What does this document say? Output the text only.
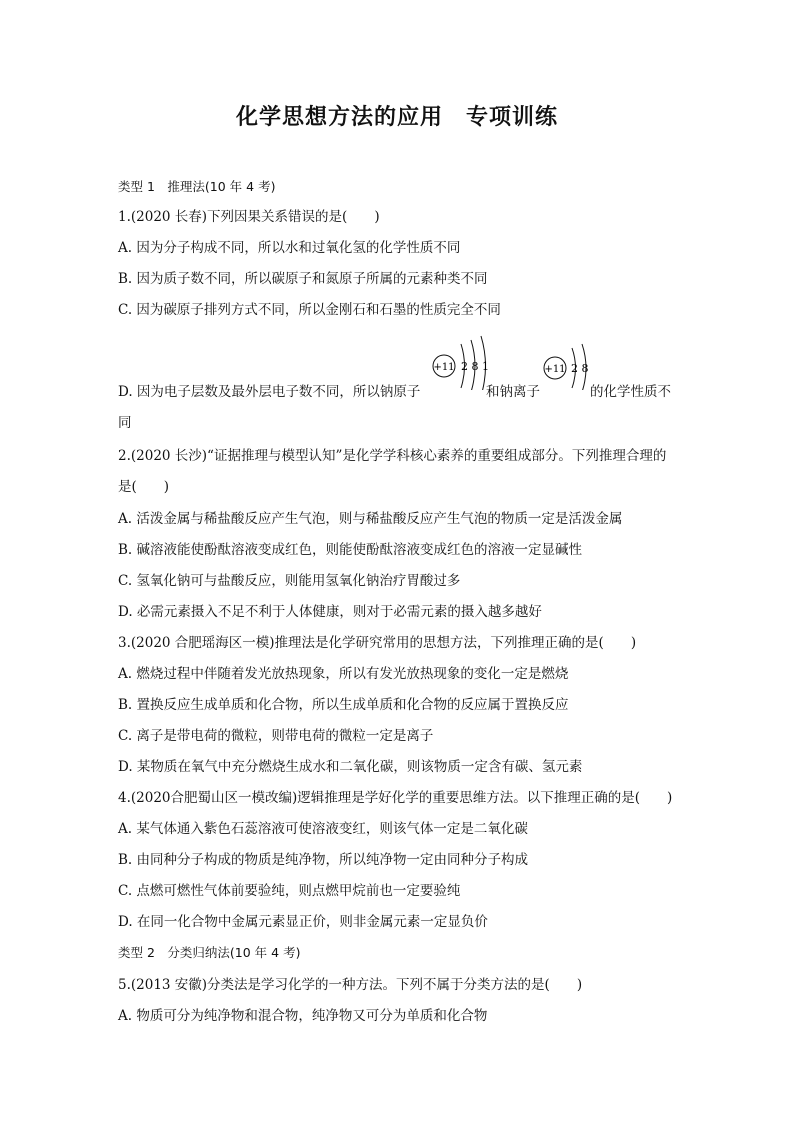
化学思想方法的应用　专项训练
类型 1　推理法(10 年 4 考)
1.(2020 长春)下列因果关系错误的是(　　)
A. 因为分子构成不同，所以水和过氧化氢的化学性质不同
B. 因为质子数不同，所以碳原子和氮原子所属的元素种类不同
C. 因为碳原子排列方式不同，所以金刚石和石墨的性质完全不同
+11 2 8 1	+11 2 8
D. 因为电子层数及最外层电子数不同，所以钠原子	和钠离子	的化学性质不
同
2.(2020 长沙)“证据推理与模型认知”是化学学科核心素养的重要组成部分。下列推理合理的
是(　　)
A. 活泼金属与稀盐酸反应产生气泡，则与稀盐酸反应产生气泡的物质一定是活泼金属
B. 碱溶液能使酚酞溶液变成红色，则能使酚酞溶液变成红色的溶液一定显碱性
C. 氢氧化钠可与盐酸反应，则能用氢氧化钠治疗胃酸过多
D. 必需元素摄入不足不利于人体健康，则对于必需元素的摄入越多越好
3.(2020 合肥瑶海区一模)推理法是化学研究常用的思想方法，下列推理正确的是(　　)
A. 燃烧过程中伴随着发光放热现象，所以有发光放热现象的变化一定是燃烧
B. 置换反应生成单质和化合物，所以生成单质和化合物的反应属于置换反应
C. 离子是带电荷的微粒，则带电荷的微粒一定是离子
D. 某物质在氧气中充分燃烧生成水和二氧化碳，则该物质一定含有碳、氢元素
4.(2020合肥蜀山区一模改编)逻辑推理是学好化学的重要思维方法。以下推理正确的是(　　)
A. 某气体通入紫色石蕊溶液可使溶液变红，则该气体一定是二氧化碳
B. 由同种分子构成的物质是纯净物，所以纯净物一定由同种分子构成
C. 点燃可燃性气体前要验纯，则点燃甲烷前也一定要验纯
D. 在同一化合物中金属元素显正价，则非金属元素一定显负价
类型 2　分类归纳法(10 年 4 考)
5.(2013 安徽)分类法是学习化学的一种方法。下列不属于分类方法的是(　　)
A. 物质可分为纯净物和混合物，纯净物又可分为单质和化合物
